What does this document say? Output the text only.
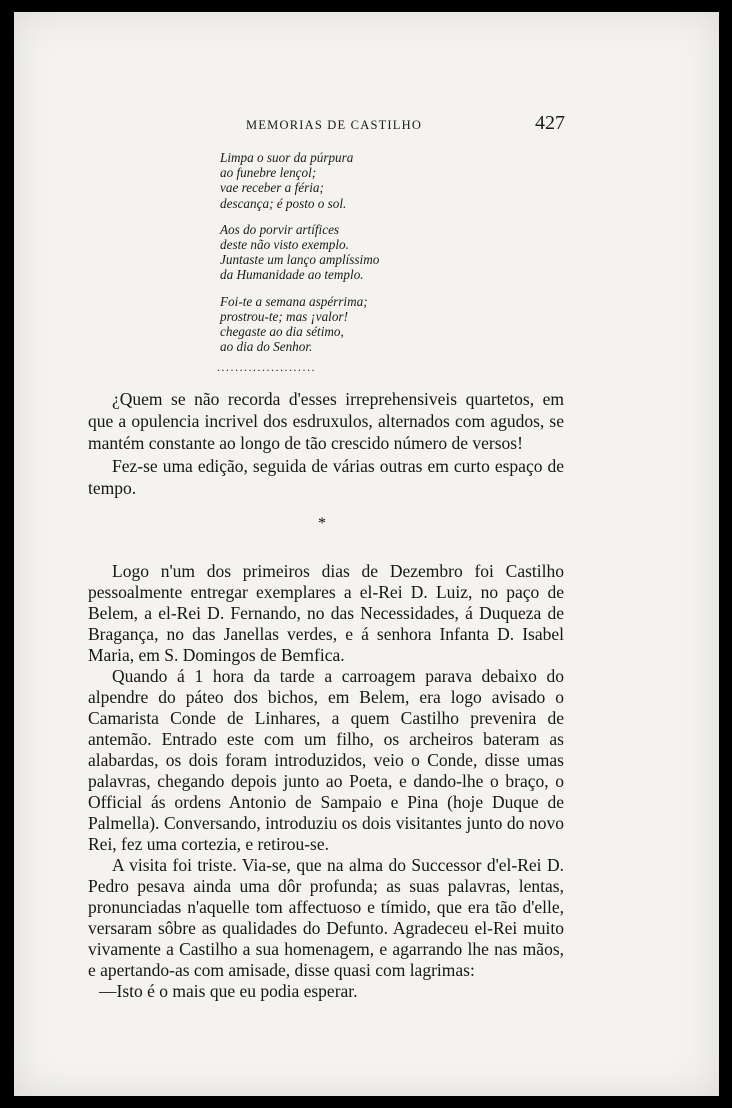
MEMORIAS DE CASTILHO	427
Limpa o suor da púrpura
ao funebre lençol;
vae receber a féria;
descança; é posto o sol.
Aos do porvir artífices
deste não visto exemplo.
Juntaste um lanço amplíssimo
da Humanidade ao templo.
Foi-te a semana aspérrima;
prostrou-te; mas ¡valor!
chegaste ao dia sétimo,
ao dia do Senhor.
......................

¿Quem se não recorda d'esses irreprehensiveis quartetos, em que a opulencia incrivel dos esdruxulos, alternados com agudos, se mantém constante ao longo de tão crescido número de versos!

Fez-se uma edição, seguida de várias outras em curto espaço de tempo.

*

Logo n'um dos primeiros dias de Dezembro foi Castilho pessoalmente entregar exemplares a el-Rei D. Luiz, no paço de Belem, a el-Rei D. Fernando, no das Necessidades, á Duqueza de Bragança, no das Janellas verdes, e á senhora Infanta D. Isabel Maria, em S. Domingos de Bemfica.

Quando á 1 hora da tarde a carroagem parava debaixo do alpendre do páteo dos bichos, em Belem, era logo avisado o Camarista Conde de Linhares, a quem Castilho prevenira de antemão. Entrado este com um filho, os archeiros bateram as alabardas, os dois foram introduzidos, veio o Conde, disse umas palavras, chegando depois junto ao Poeta, e dando-lhe o braço, o Official ás ordens Antonio de Sampaio e Pina (hoje Duque de Palmella). Conversando, introduziu os dois visitantes junto do novo Rei, fez uma cortezia, e retirou-se.

A visita foi triste. Via-se, que na alma do Successor d'el-Rei D. Pedro pesava ainda uma dôr profunda; as suas palavras, lentas, pronunciadas n'aquelle tom affectuoso e tímido, que era tão d'elle, versaram sôbre as qualidades do Defunto. Agradeceu el-Rei muito vivamente a Castilho a sua homenagem, e agarrando lhe nas mãos, e apertando-as com amisade, disse quasi com lagrimas:

—Isto é o mais que eu podia esperar.
